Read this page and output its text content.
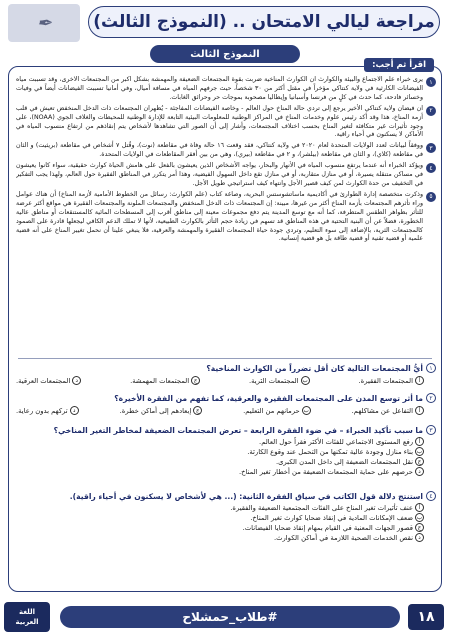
✒ مراجعة ليالي الامتحان .. (النموذج الثالث)
النموذج الثالث
اقرأ ثم أجب:
١

يرى خبراء علم الاجتماع والبيئة والكوارث أن الكوارث المناخية ضربت بقوة المجتمعات الضعيفة والمهمشة بشكل أكبر من المجتمعات الأخرى، وقد تسببت مياه الفيضانات الكارثية في ولاية كنتاكي مؤخراً في مقتل أكثر من ٣٠ شخصاً، حيث جرفهم المياه في مسافة أميال، وفي أمانيا تسببت الفيضانات أيضاً في وفيات وخسائر فادحة، كما حدث في كلٍ من فرنسا وأسبانيا وإيطاليا مصحوبة بموجات حر وحرائق الغابات.

٢

ان فيضان ولاية كنتاكي الأخير يرجع إلى تردي حالة المناخ حول العالم - وخاصة الفيضانات المفاجئة - يُظهران المجتمعات ذات الدخل المنخفض تعيش في قلب أزمة المناخ، هذا وقد أكد رئيس علوم وخدمات المناخ في المراكز الوطنية للمعلومات البيئية التابعة للإدارة الوطنية للمحيطات والغلاف الجوي (NOAA)، على وجود تأثيرات غير متكافئة لتغير المناخ بحسب اختلاف المجتمعات، وأشار إلى أن الصور التي تشاهدها لأشخاص يتم إنقاذهم من ارتفاع منسوب المياه في الأماكن لا يسكنون في أحياء راقية.

٣

ووفقاً لبيانات لعدد الولايات المتحدة لعام ٢٠٢٠ في ولاية كنتاكي، فقد وقعت ١٦ حالة وفاة في مقاطعة (نوت)، وقُتل ٧ أشخاص في مقاطعة (بريثيت) و الثان في مقاطعة (كلاي)، و الثان في مقاطعة (بيلشر)، و ٢ في مقاطعة (بيري)، وهي من بين أفقر المقاطعات في الولايات المتحدة.

٤

ويؤكد الخبراء أنه عندما يرتفع منسوب المياه في الأنهار والبحار، يواجه الأشخاص الذين يعيشون بالفعل على هامش الحياة كوارث حقيقية، سواء كانوا يعيشون في مساكن متنقلة يسيرة، أو في منازل متقاربة، أو في منازل تقع داخل السهول الفيضية، وهذا أمر يتكرر في المناطق الفقيرة حول العالم، ولهذا يجب التفكير في التخفيف من حدة الكوارث لمن كيف قصير الأجل وانتهاء كيف استراتيجي طويل الأجل.

٥

وذكرت متخصصة إدارة الطوارئ في أكاديمية ماساتشوستس البحرية، وصاغة كتاب (علم الكوارث: رسائل من الخطوط الأمامية لأزمة المناخ) أن هناك عوامل وراء تأثرهم المجتمعات بأزمة المناخ أكثر من غيرها، مبينة: إن المجتمعات ذات الدخل المنخفض والمجتمعات الملونة والمجتمعات الفقيرة هي مواقع أكثر عرضة للتأثر بظواهر الطقس المتطرفة، كما أنه مع توسع المدينة يتم دفع مجموعات معينة إلى مناطق أقرب إلى المسطحات المائية كالمستنقعات أو مناطق عالية الخطورة، فضلاً عن أن البنية التحتية في هذه المناطق قد تسهم في زيادة حجم التأثر بالكوارث الطبيعية، لأنها لا تملك الدعم الكافي ليجعلها قادرة على الصمود كالمجتمعات الثرية، بالإضافة إلى سوء التعليم، وتردي جودة حياة المجتمعات الفقيرة والمهمشة والعرقية، فلا ينبغي علينا أن نحمل تغيير المناخ على أنه قضية علمية أو قضية تقنية أو قضية طاقة بل هو قضية إنسانية.

١
أيُّ المجتمعات التالية كان أقل تضرراً من الكوارث المناخية؟
أ
المجتمعات الفقيرة.
ب
المجتمعات الثرية.
ج
المجتمعات المهمشة.
د
المجتمعات العرقية.
٢
ما أثر توسع المدن على المجتمعات الفقيرة والعرقية، كما تفهم من الفقرة الأخيرة؟
أ
التفاعل عن مشاكلهم.
ب
حرمانهم من التعليم.
ج
إبعادهم إلى أماكن خطرة.
د
تركهم بدون رعاية.
٣
ما سبب تأكيد الخبراء – في ضوء الفقرة الرابعة – تعرض المجتمعات الضعيفة لمخاطر التغير المناخي؟
أ
رفع المستوى الاجتماعي للفئات الأكثر فقراً حول العالم.
ب
بناء منازل وجودة عالية تمكنها من التحمل عند وقوع الكارثة.
ج
نقل المجتمعات الضعيفة إلى داخل المدن الكبرى.
د
حرصهم على حماية المجتمعات الضعيفة من أخطار تغير المناخ.
٤
استنتج دلالة قول الكاتب في سياق الفقرة الثانية: (... هي لأشخاص لا يسكنون في أحياء راقية).
أ
عنف تأثيرات تغير المناخ على الفئات المجتمعية الضعيفة والفقيرة.
ب
ضعف الإمكانات المادية في إنقاذ ضحايا كوارث تغير المناخ.
ج
قصور الجهات المعنية في القيام بمهام إنقاذ ضحايا الفيضانات.
د
نقص الخدمات الصحية اللازمة في أماكن الكوارث.
١٨
#طلاب_حمشلاح
اللغة
العربية
